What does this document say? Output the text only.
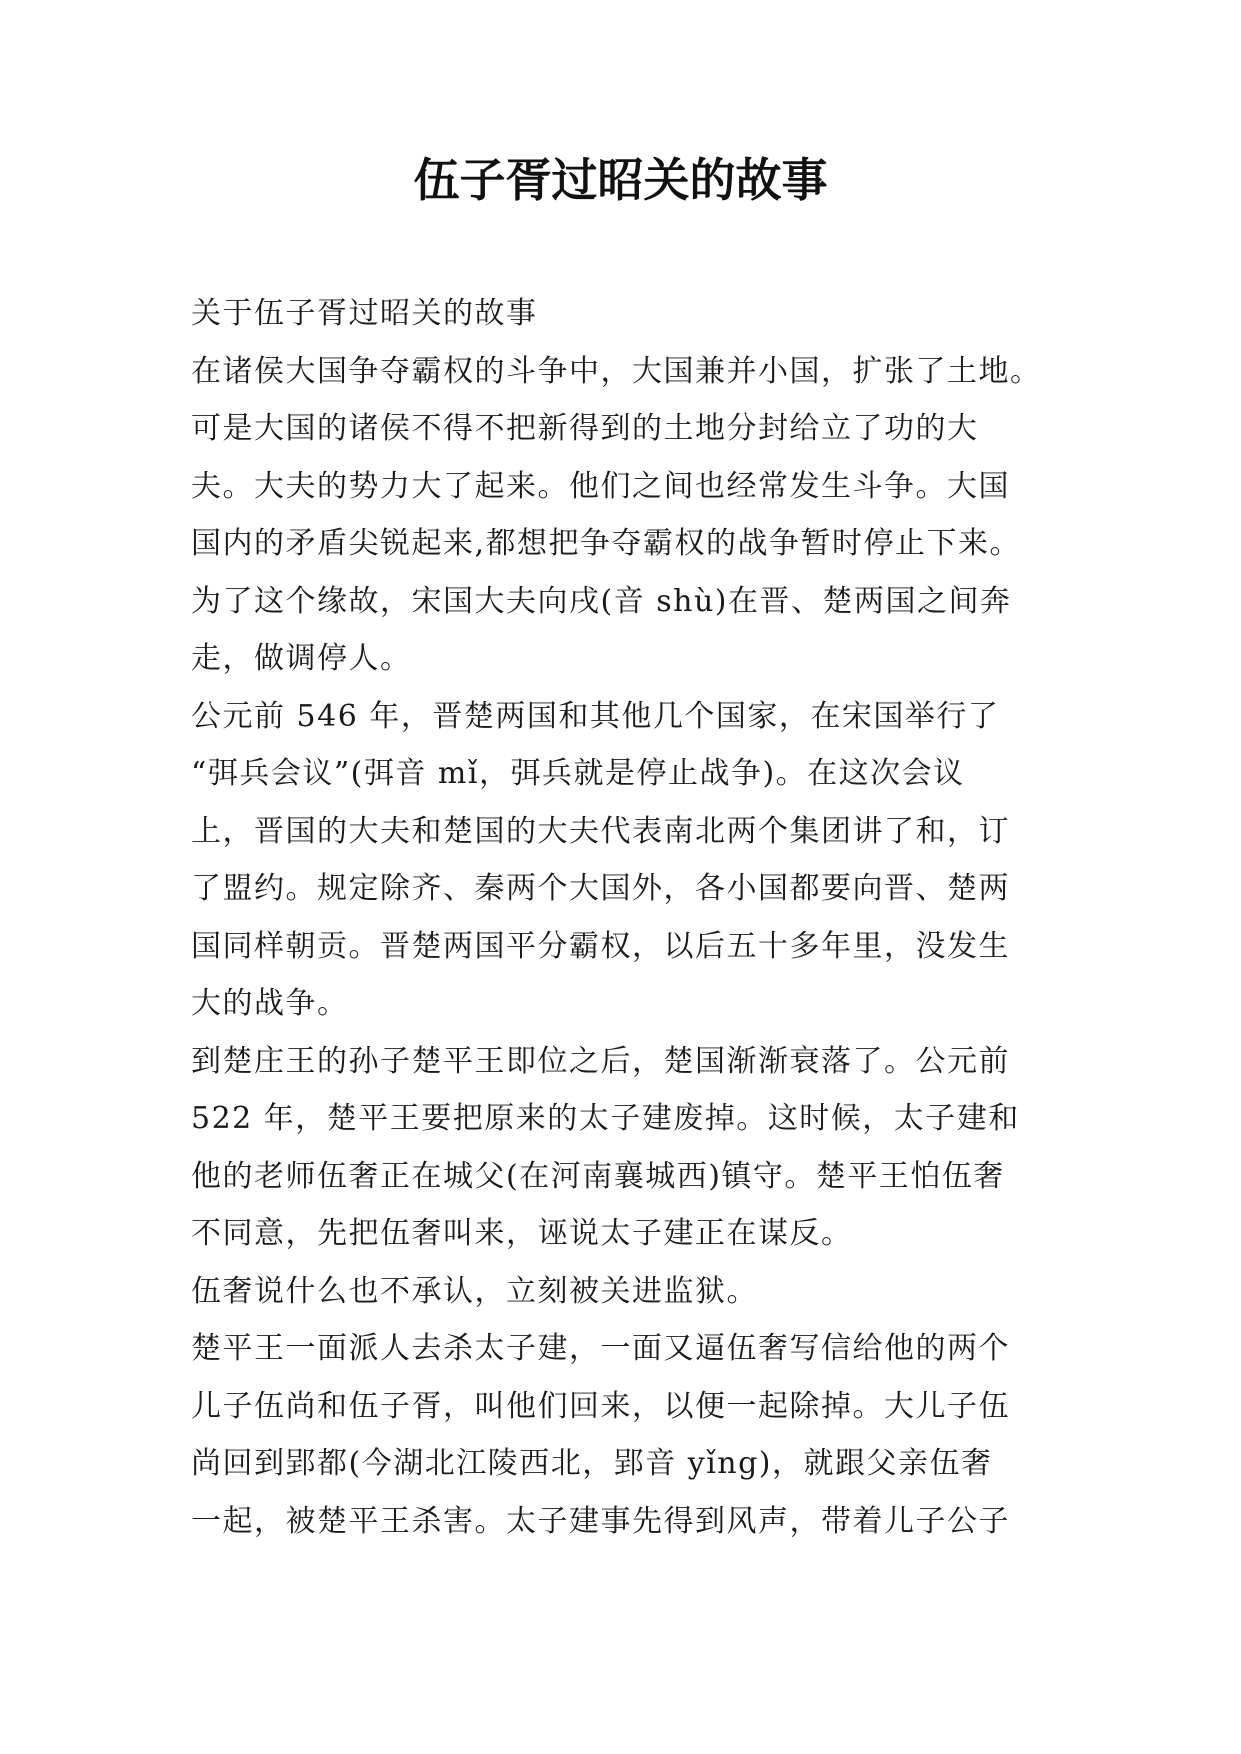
伍子胥过昭关的故事

关于伍子胥过昭关的故事

在诸侯大国争夺霸权的斗争中，大国兼并小国，扩张了土地。

可是大国的诸侯不得不把新得到的土地分封给立了功的大

夫。大夫的势力大了起来。他们之间也经常发生斗争。大国

国内的矛盾尖锐起来,都想把争夺霸权的战争暂时停止下来。

为了这个缘故，宋国大夫向戌(音 shù)在晋、楚两国之间奔

走，做调停人。

公元前 546 年，晋楚两国和其他几个国家，在宋国举行了

“弭兵会议”(弭音 mǐ，弭兵就是停止战争)。在这次会议

上，晋国的大夫和楚国的大夫代表南北两个集团讲了和，订

了盟约。规定除齐、秦两个大国外，各小国都要向晋、楚两

国同样朝贡。晋楚两国平分霸权，以后五十多年里，没发生

大的战争。

到楚庄王的孙子楚平王即位之后，楚国渐渐衰落了。公元前

522 年，楚平王要把原来的太子建废掉。这时候，太子建和

他的老师伍奢正在城父(在河南襄城西)镇守。楚平王怕伍奢

不同意，先把伍奢叫来，诬说太子建正在谋反。

伍奢说什么也不承认，立刻被关进监狱。

楚平王一面派人去杀太子建，一面又逼伍奢写信给他的两个

儿子伍尚和伍子胥，叫他们回来，以便一起除掉。大儿子伍

尚回到郢都(今湖北江陵西北，郢音 yǐng)，就跟父亲伍奢

一起，被楚平王杀害。太子建事先得到风声，带着儿子公子
